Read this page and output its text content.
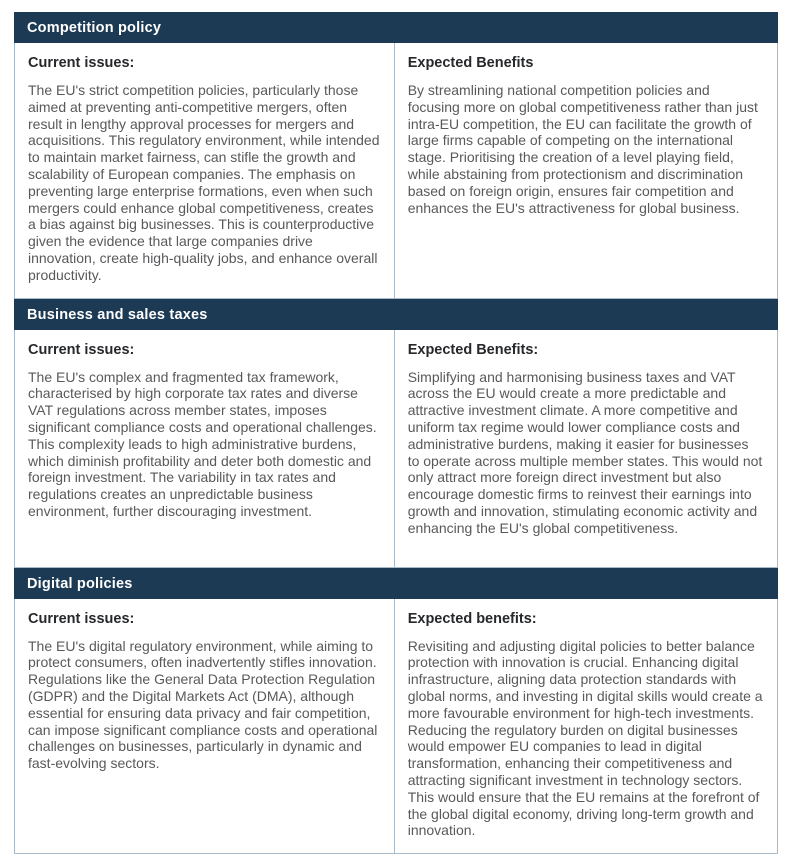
Competition policy

Current issues:

The EU's strict competition policies, particularly those aimed at preventing anti-competitive mergers, often result in lengthy approval processes for mergers and acquisitions. This regulatory environment, while intended to maintain market fairness, can stifle the growth and scalability of European companies. The emphasis on preventing large enterprise formations, even when such mergers could enhance global competitiveness, creates a bias against big businesses. This is counterproductive given the evidence that large companies drive innovation, create high-quality jobs, and enhance overall productivity.

Expected Benefits

By streamlining national competition policies and focusing more on global competitiveness rather than just intra-EU competition, the EU can facilitate the growth of large firms capable of competing on the international stage. Prioritising the creation of a level playing field, while abstaining from protectionism and discrimination based on foreign origin, ensures fair competition and enhances the EU's attractiveness for global business.

Business and sales taxes

Current issues:

The EU's complex and fragmented tax framework, characterised by high corporate tax rates and diverse VAT regulations across member states, imposes significant compliance costs and operational challenges. This complexity leads to high administrative burdens, which diminish profitability and deter both domestic and foreign investment. The variability in tax rates and regulations creates an unpredictable business environment, further discouraging investment.

Expected Benefits:

Simplifying and harmonising business taxes and VAT across the EU would create a more predictable and attractive investment climate. A more competitive and uniform tax regime would lower compliance costs and administrative burdens, making it easier for businesses to operate across multiple member states. This would not only attract more foreign direct investment but also encourage domestic firms to reinvest their earnings into growth and innovation, stimulating economic activity and enhancing the EU's global competitiveness.

Digital policies

Current issues:

The EU's digital regulatory environment, while aiming to protect consumers, often inadvertently stifles innovation. Regulations like the General Data Protection Regulation (GDPR) and the Digital Markets Act (DMA), although essential for ensuring data privacy and fair competition, can impose significant compliance costs and operational challenges on businesses, particularly in dynamic and fast-evolving sectors.

Expected benefits:

Revisiting and adjusting digital policies to better balance protection with innovation is crucial. Enhancing digital infrastructure, aligning data protection standards with global norms, and investing in digital skills would create a more favourable environment for high-tech investments. Reducing the regulatory burden on digital businesses would empower EU companies to lead in digital transformation, enhancing their competitiveness and attracting significant investment in technology sectors. This would ensure that the EU remains at the forefront of the global digital economy, driving long-term growth and innovation.
